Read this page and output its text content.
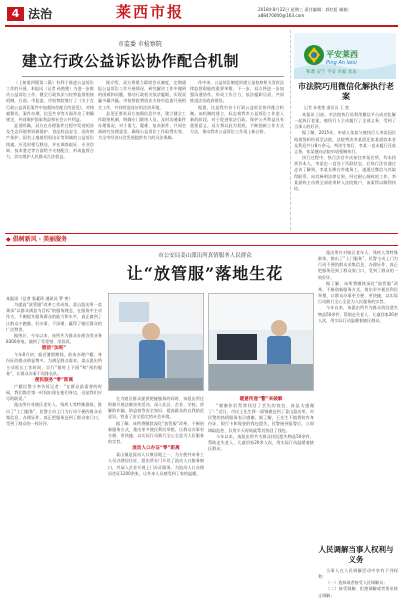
4 法治	莱西市报	2018年8月22日 星期三 责任编辑：郭红虹 邮箱：a88470000@163.com
市监委 市检察院
建立行政公益诉讼协作配合机制

（上接第四版第二篇）有利于推进公益诉讼工作的开展，本报讯（记者 孙艳艳）为进一步推动公益诉讼工作，健全行政执法与检察监督衔接机制，日前，市监委、市检察院签订了《关于在行政公益诉讼案件中加强协作配合的意见》，对线索移送、案件办理、信息共享等方面作出了明确规定，共同维护国家利益和社会公共利益。

意见明确，双方在办理案件过程中发现的涉及生态环境和资源保护、食品药品安全、国有财产保护、国有土地使用权出让等领域的公益诉讼线索，应及时相互移送，并在调查取证、专业咨询、技术鉴定等方面给予支持配合，形成监督合力，切实维护人民群众合法权益。

据介绍，双方将建立联席会议制度，定期通报公益诉讼工作开展情况，研究解决工作中遇到的困难和问题，推动行政机关依法履职，实现双赢多赢共赢。市检察院将依法支持市监委开展相关工作，共同营造良好的法治环境。

意见还要求双方加强信息共享，建立健全工作联络机制，明确专门联络人员，及时沟通案件办理情况，对于重大、疑难、复杂案件，共同会商研究处理意见，确保公益诉讼工作取得实效，为全市经济社会发展提供有力的司法保障。

作中来。公益诉讼制度的建立是检察机关发挥法律监督职能的重要举措。下一步，双方将进一步加强沟通协作，形成工作合力，依法履职尽责，共同推进法治政府建设。

据悉，这是我市首个行政公益诉讼协作配合机制。该机制的建立，标志着我市公益诉讼工作进入新的阶段，对于促进依法行政、保护公共利益具有重要意义。双方将以此为契机，不断创新工作方式方法，推动我市公益诉讼工作再上新台阶。

平安莱西
Ping An laixi
和谐 安宁 平安 幸福 欢乐
市法院巧用微信化解执行老案
记者 孙艳艳 通讯员 王 艳

本报讯 日前，市法院执行局利用微信平台成功化解一起执行老案，被执行人主动履行了全部义务，受到了当事人的好评。

据了解，2015年，申请人张某与被执行人李某因民间借贷纠纷诉至法院，法院判决李某偿还张某借款本金及利息共计8万余元。判决生效后，李某一直未履行还款义务，张某遂向法院申请强制执行。

执行过程中，执行法官多次前往李某住所，均未找到其本人，李某也一直处于失联状态。后执行法官通过走访了解到，李某长期在外地务工，遂通过微信与其取得联系，向其释明法律后果。经过耐心细致的工作，李某最终主动将全部款项转入法院账户，该案得以顺利执结。

◆ 倡树新风 · 美丽服务
市公安局姜山派出所真情服务人民群众
让“放管服”落地生花

本报讯（记者 张素珍 通讯员 罗 笑）

为提高“放管服”改革工作成效，姜山派出所一直秉承“以群众满意为目标”的服务理念，在服务中主动作为，不断提升服务群众的能力和水平，真正做到了让群众少跑腿、好办事、不添堵，赢得了辖区群众的广泛赞誉。

据统计，今年以来，该所共为群众办理各类业务8300余笔，做到了零差错、零投诉。

假前“加班”

今年8月初，临近暑假期间，前来办理户籍、身份证的群众明显增多。为满足群众需求，姜山派出所主动延长工作时间，实行“错时上下班”和“预约服务”，让群众办事不再排长队。

便民服务“零”距离

户籍民警小李告诉记者：“在群众最需要的时候，我们都会第一时间出现在他们身边，这是我们应尽的职责。”

派出所针对辖区老年人、残疾人等特殊群体，推出了“上门服务”，民警主动上门为行动不便的群众采集信息、办理证件，真正把服务送到了群众家门口，受到了群众的一致好评。

在为辖区群众提供便捷服务的同时，该派出所还积极开展法制宣传活动，深入社区、企业、学校，讲解防诈骗、防盗窃等安全知识，提高群众的自我防范意识，营造了安全稳定的社会环境。

据了解，该所将继续深化“放管服”改革，不断创新服务方式，推出更多便民利民举措，让群众办事更方便、更快捷，以实际行动践行全心全意为人民服务的宗旨。

流动人口办证“零”距离

姜山镇是流动人口聚居地之一，为方便外来务工人员办理居住证，派出所专门开设了流动人口服务窗口，并深入企业开展上门办证服务，为流动人口办理居住证1200余张，让外来人员感受到了家的温暖。

暖意传递“警”来破解

“谢谢你们帮我找回了丢失的钱包，真是太感谢了！”近日，市民王先生将一面锦旗送到了姜山派出所，对民警的热情服务表示感谢。据了解，王先生不慎将装有身份证、银行卡和现金的钱包遗失，民警接到报警后，立即调取监控，仅用半天时间就帮其找回了钱包。

今年以来，该派出所共为群众找回遗失物品50余件，帮助走失老人、儿童回家20余人次，用实际行动温暖着辖区群众。

派出所针对辖区老年人、残疾人等特殊群体，推出了“上门服务”，民警主动上门为行动不便的群众采集信息、办理证件，真正把服务送到了群众家门口，受到了群众的一致好评。

据了解，该所将继续深化“放管服”改革，不断创新服务方式，推出更多便民利民举措，让群众办事更方便、更快捷，以实际行动践行全心全意为人民服务的宗旨。

今年以来，该派出所共为群众找回遗失物品50余件，帮助走失老人、儿童回家20余人次，用实际行动温暖着辖区群众。

人民调解当事人权利与义务

当事人在人民调解活动中享有下列权利：

（一）选择或者接受人民调解员；

（二）接受调解、拒绝调解或者要求终止调解；
